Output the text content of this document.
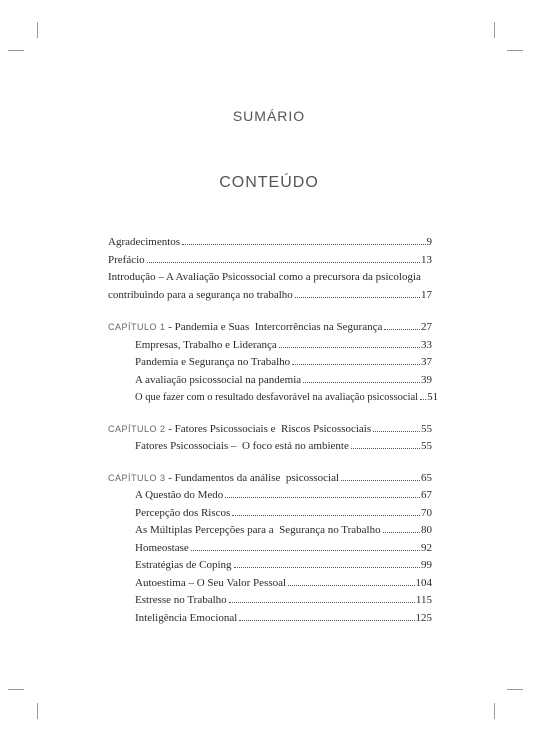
SUMÁRIO
CONTEÚDO
Agradecimentos	9
Prefácio	13
Introdução – A Avaliação Psicossocial como a precursora da psicologia
contribuindo para a segurança no trabalho	17
CAPÍTULO 1 - Pandemia e Suas  Intercorrências na Segurança	27
Empresas, Trabalho e Liderança	33
Pandemia e Segurança no Trabalho	37
A avaliação psicossocial na pandemia	39
O que fazer com o resultado desfavorável na avaliação psicossocial 51
CAPÍTULO 2 - Fatores Psicossociais e  Riscos Psicossociais	55
Fatores Psicossociais –  O foco está no ambiente	55
CAPÍTULO 3 - Fundamentos da análise  psicossocial	65
A Questão do Medo	67
Percepção dos Riscos	70
As Múltiplas Percepções para a  Segurança no Trabalho	80
Homeostase	92
Estratégias de Coping	99
Autoestima – O Seu Valor Pessoal	104
Estresse no Trabalho	115
Inteligência Emocional	125
